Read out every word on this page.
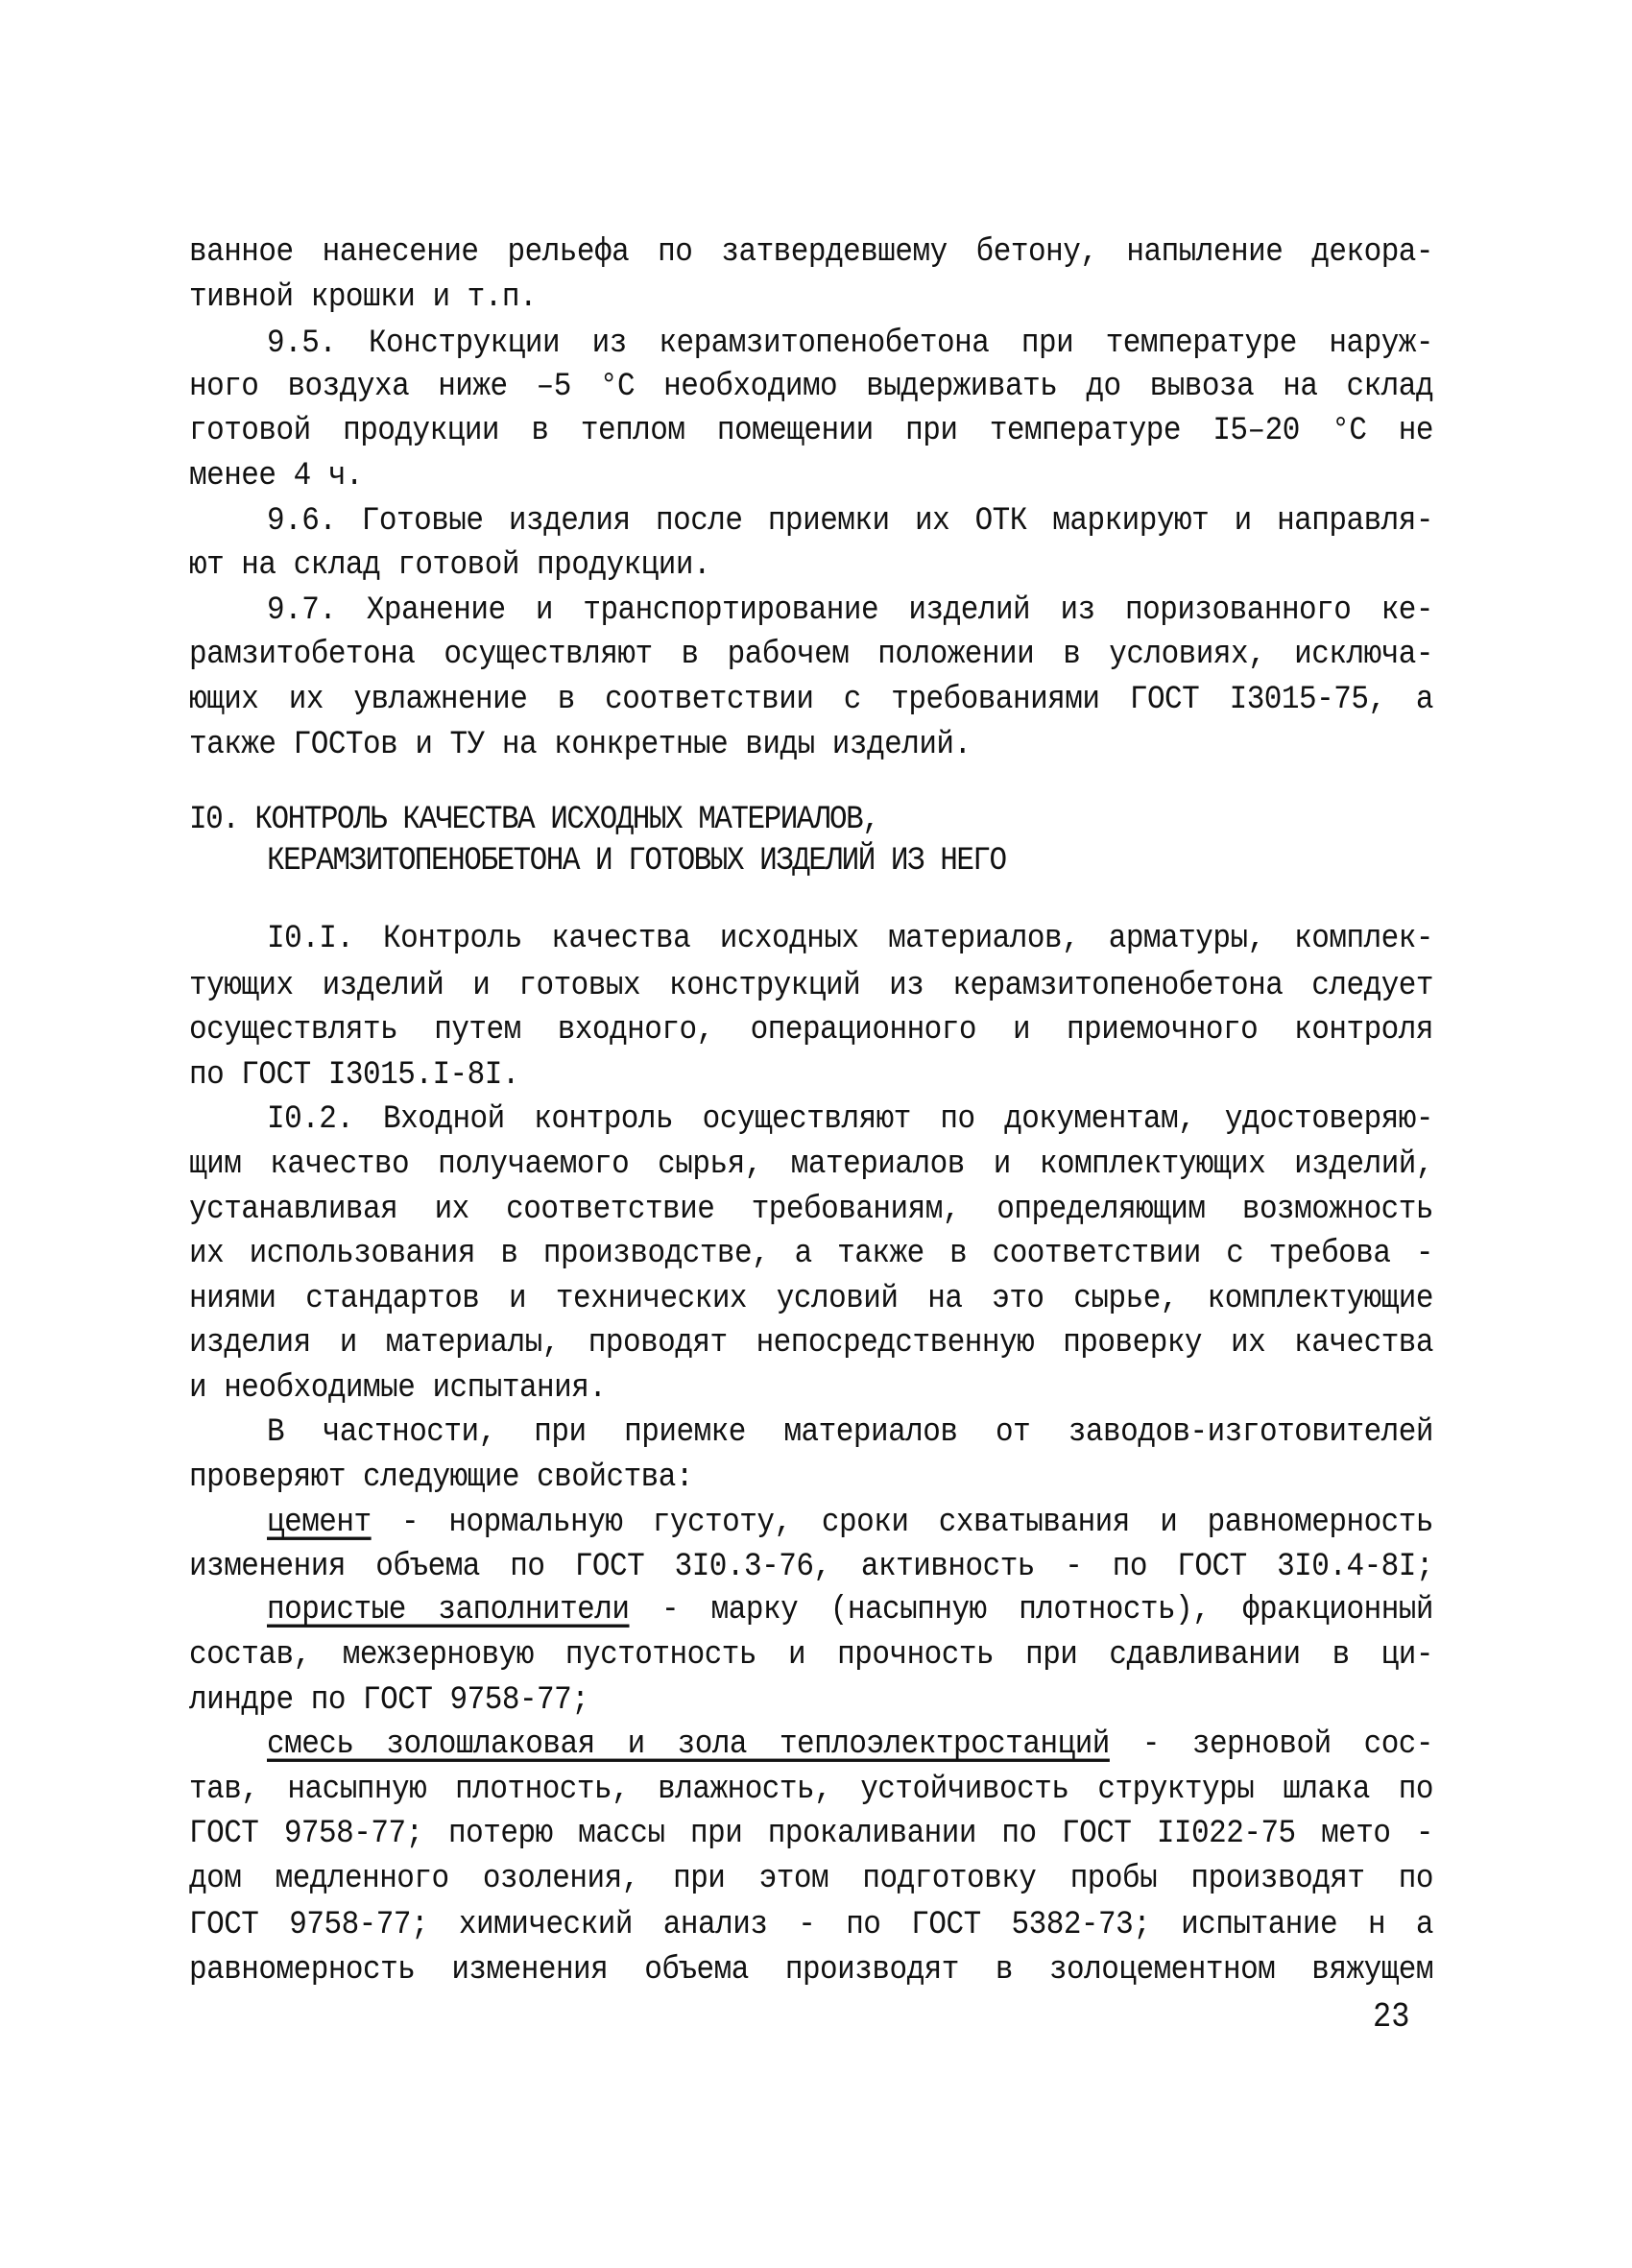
ванное нанесение рельефа по затвердевшему бетону, напыление декора-
тивной крошки и т.п.
9.5. Конструкции из керамзитопенобетона при температуре наруж-
ного воздуха ниже –5 °С необходимо выдерживать до вывоза на склад
готовой продукции в теплом помещении при температуре I5–20 °С не
менее 4 ч.
9.6. Готовые изделия после приемки их ОТК маркируют и направля-
ют на склад готовой продукции.
9.7. Хранение и транспортирование изделий из поризованного ке-
рамзитобетона осуществляют в рабочем положении в условиях, исключа-
ющих их увлажнение в соответствии с требованиями ГОСТ I3015-75, а
также ГОСТов и ТУ на конкретные виды изделий.
I0. КОНТРОЛЬ КАЧЕСТВА ИСХОДНЫХ МАТЕРИАЛОВ,
КЕРАМЗИТОПЕНОБЕТОНА И ГОТОВЫХ ИЗДЕЛИЙ ИЗ НЕГО
I0.I. Контроль качества исходных материалов, арматуры, комплек-
тующих изделий и готовых конструкций из керамзитопенобетона следует
осуществлять путем входного, операционного и приемочного контроля
по ГОСТ I3015.I-8I.
I0.2. Входной контроль осуществляют по документам, удостоверяю-
щим качество получаемого сырья, материалов и комплектующих изделий,
устанавливая их соответствие требованиям, определяющим возможность
их использования в производстве, а также в соответствии с требова -
ниями стандартов и технических условий на это сырье, комплектующие
изделия и материалы, проводят непосредственную проверку их качества
и необходимые испытания.
В частности, при приемке материалов от заводов-изготовителей
проверяют следующие свойства:
цемент - нормальную густоту, сроки схватывания и равномерность
изменения объема по ГОСТ 3I0.3-76, активность - по ГОСТ 3I0.4-8I;
пористые заполнители - марку (насыпную плотность), фракционный
состав, межзерновую пустотность и прочность при сдавливании в ци-
линдре по ГОСТ 9758-77;
смесь золошлаковая и зола теплоэлектростанций - зерновой сос-
тав, насыпную плотность, влажность, устойчивость структуры шлака по
ГОСТ 9758-77; потерю массы при прокаливании по ГОСТ II022-75 мето -
дом медленного озоления, при этом подготовку пробы производят по
ГОСТ 9758-77; химический анализ - по ГОСТ 5382-73; испытание н а
равномерность изменения объема производят в золоцементном вяжущем
23
